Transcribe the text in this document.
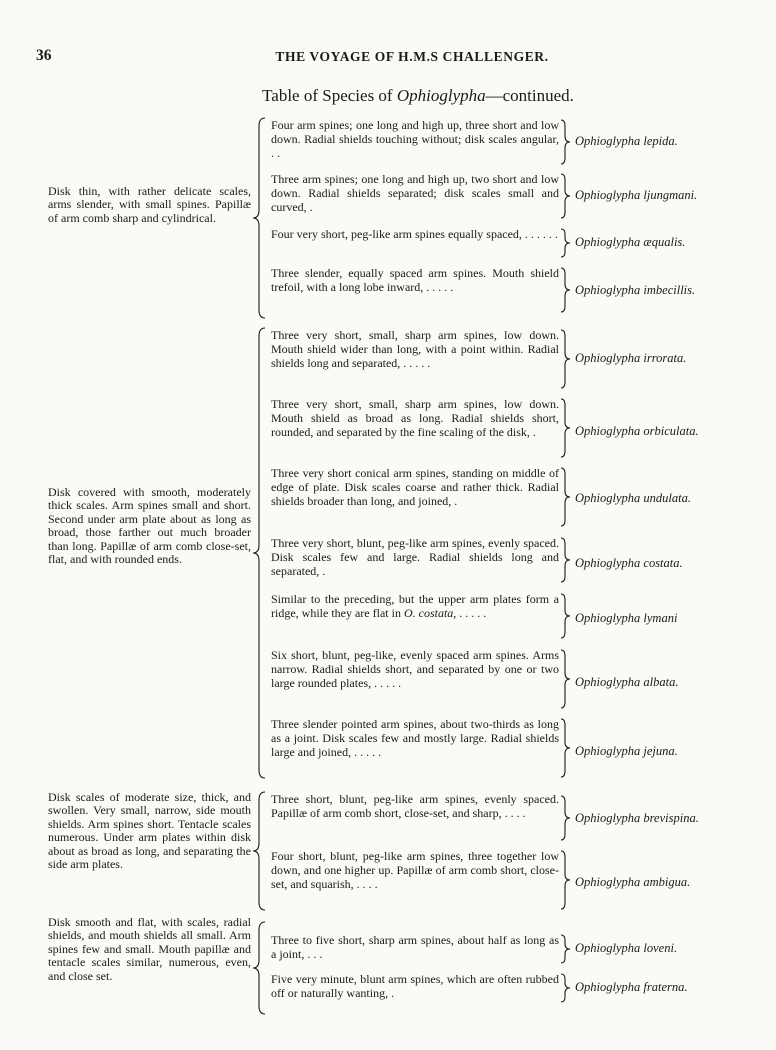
36	THE VOYAGE OF H.M.S CHALLENGER.
Table of Species of Ophioglypha—continued.
Disk thin, with rather delicate scales, arms slender, with small spines. Papillæ of arm comb sharp and cylindrical.
Four arm spines; one long and high up, three short and low down. Radial shields touching without; disk scales angular, . .
Ophioglypha lepida.
Three arm spines; one long and high up, two short and low down. Radial shields separated; disk scales small and curved, .
Ophioglypha ljungmani.
Four very short, peg-like arm spines equally spaced, . . . . . .
Ophioglypha æqualis.
Three slender, equally spaced arm spines. Mouth shield trefoil, with a long lobe inward, . . . . .	Ophioglypha imbecillis.
Disk covered with smooth, moderately thick scales. Arm spines small and short. Second under arm plate about as long as broad, those farther out much broader than long. Papillæ of arm comb close-set, flat, and with rounded ends.
Three very short, small, sharp arm spines, low down. Mouth shield wider than long, with a point within. Radial shields long and separated, . . . . .	Ophioglypha irrorata.
Three very short, small, sharp arm spines, low down. Mouth shield as broad as long. Radial shields short, rounded, and separated by the fine scaling of the disk, .	Ophioglypha orbiculata.
Three very short conical arm spines, standing on middle of edge of plate. Disk scales coarse and rather thick. Radial shields broader than long, and joined, .	Ophioglypha undulata.
Three very short, blunt, peg-like arm spines, evenly spaced. Disk scales few and large. Radial shields long and separated, .
Ophioglypha costata.
Similar to the preceding, but the upper arm plates form a ridge, while they are flat in O. costata, . . . . .	Ophioglypha lymani
Six short, blunt, peg-like, evenly spaced arm spines. Arms narrow. Radial shields short, and separated by one or two large rounded plates, . . . . .	Ophioglypha albata.
Three slender pointed arm spines, about two-thirds as long as a joint. Disk scales few and mostly large. Radial shields large and joined, . . . . .	Ophioglypha jejuna.
Disk scales of moderate size, thick, and swollen. Very small, narrow, side mouth shields. Arm spines short. Tentacle scales numerous. Under arm plates within disk about as broad as long, and separating the side arm plates.
Three short, blunt, peg-like arm spines, evenly spaced. Papillæ of arm comb short, close-set, and sharp, . . . .	Ophioglypha brevispina.
Four short, blunt, peg-like arm spines, three together low down, and one higher up. Papillæ of arm comb short, close-set, and squarish, . . . .	Ophioglypha ambigua.
Disk smooth and flat, with scales, radial shields, and mouth shields all small. Arm spines few and small. Mouth papillæ and tentacle scales similar, numerous, even, and close set.
Three to five short, sharp arm spines, about half as long as a joint, . . .	Ophioglypha loveni.
Five very minute, blunt arm spines, which are often rubbed off or naturally wanting, .	Ophioglypha fraterna.
